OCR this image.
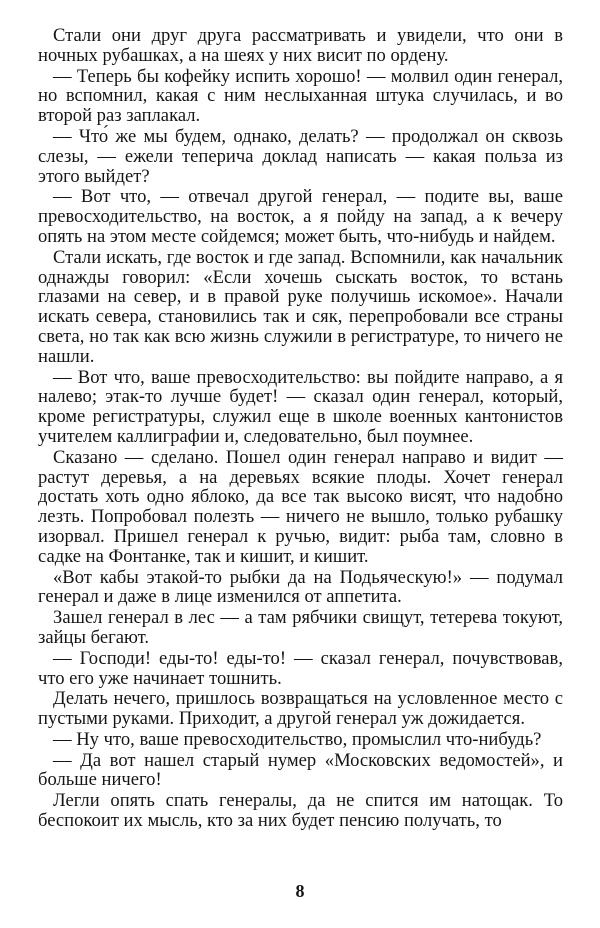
Стали они друг друга рассматривать и увидели, что они в ночных рубашках, а на шеях у них висит по ордену.

— Теперь бы кофейку испить хорошо! — молвил один генерал, но вспомнил, какая с ним неслыханная штука случилась, и во второй раз заплакал.

— Что́ же мы будем, однако, делать? — продолжал он сквозь слезы, — ежели теперича доклад написать — какая польза из этого выйдет?

— Вот что, — отвечал другой генерал, — подите вы, ваше превосходительство, на восток, а я пойду на запад, а к вечеру опять на этом месте сойдемся; может быть, что-нибудь и найдем.

Стали искать, где восток и где запад. Вспомнили, как начальник однажды говорил: «Если хочешь сыскать восток, то встань глазами на север, и в правой руке получишь искомое». Начали искать севера, становились так и сяк, перепробовали все страны света, но так как всю жизнь служили в регистратуре, то ничего не нашли.

— Вот что, ваше превосходительство: вы пойдите направо, а я налево; этак-то лучше будет! — сказал один генерал, который, кроме регистратуры, служил еще в школе военных кантонистов учителем каллиграфии и, следовательно, был поумнее.

Сказано — сделано. Пошел один генерал направо и видит — растут деревья, а на деревьях всякие плоды. Хочет генерал достать хоть одно яблоко, да все так высоко висят, что надобно лезть. Попробовал полезть — ничего не вышло, только рубашку изорвал. Пришел генерал к ручью, видит: рыба там, словно в садке на Фонтанке, так и кишит, и кишит.

«Вот кабы этакой-то рыбки да на Подьяческую!» — подумал генерал и даже в лице изменился от аппетита.

Зашел генерал в лес — а там рябчики свищут, тетерева токуют, зайцы бегают.

— Господи! еды-то! еды-то! — сказал генерал, почувствовав, что его уже начинает тошнить.

Делать нечего, пришлось возвращаться на условленное место с пустыми руками. Приходит, а другой генерал уж дожидается.

— Ну что, ваше превосходительство, промыслил что-нибудь?

— Да вот нашел старый нумер «Московских ведомостей», и больше ничего!

Легли опять спать генералы, да не спится им натощак. То беспокоит их мысль, кто за них будет пенсию получать, то

8
